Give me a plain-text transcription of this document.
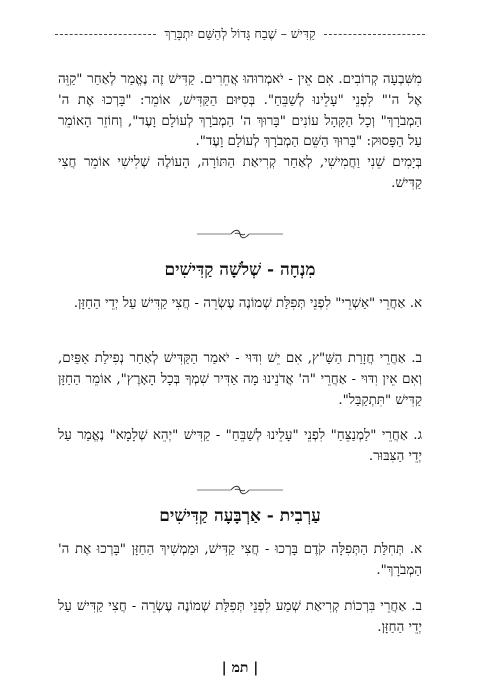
קַדִּישׁ – שֶׁבַח גָּדוֹל לְהַשֵּׁם יִתְבָּרַךְ
מִשִּׁבְעָה קְרוֹבִים. אִם אֵין - יֹאמְרוּהוּ אֲחֵרִים. קַדִּישׁ זֶה נֶאֱמַר לְאַחַר "קַוֵּה אֶל ה'" לִפְנֵי "עָלֵינוּ לְשַׁבֵּחַ". בְּסִיּוּם הַקַּדִּישׁ, אוֹמֵר: "בָּרְכוּ אֶת ה' הַמְבֹרָךְ" וְכָל הַקָּהָל עוֹנִים "בָּרוּךְ ה' הַמְבֹרָךְ לְעוֹלָם וָעֶד", וְחוֹזֵר הָאוֹמֵר עַל הַפָּסוּק: "בָּרוּךְ הַשֵּׁם הַמְבֹרָךְ לְעוֹלָם וָעֶד".
בְּיָמִים שֵׁנִי וַחֲמִישִׁי, לְאַחַר קְרִיאַת הַתּוֹרָה, הָעוֹלֶה שְׁלִישִׁי אוֹמֵר חֲצִי קַדִּישׁ.
מִנְחָה - שְׁלֹשָׁה קַדִּישִׁים
א. אַחֲרֵי "אַשְׁרֵי" לִפְנֵי תְּפִלַּת שְׁמוֹנֶה עֶשְׂרֵה - חֲצִי קַדִּישׁ עַל יְדֵי הַחַזָּן.
ב. אַחֲרֵי חֲזָרַת הַשַּׁ"ץ, אִם יֵשׁ וִדּוּי - יֹאמַר הַקַּדִּישׁ לְאַחַר נְפִילַת אַפַּיִם, וְאִם אֵין וִדּוּי - אַחֲרֵי "ה' אֲדֹנֵינוּ מָה אַדִּיר שִׁמְךָ בְּכָל הָאָרֶץ", אוֹמֵר הַחַזָּן קַדִּישׁ "תִּתְקַבַּל".
ג. אַחֲרֵי "לַמְנַצֵּחַ" לִפְנֵי "עָלֵינוּ לְשַׁבֵּחַ" - קַדִּישׁ "יְהֵא שְׁלָמָא" נֶאֱמַר עַל יְדֵי הַצִּבּוּר.
עַרְבִית - אַרְבָּעָה קַדִּישִׁים
א. תְּחִלַּת הַתְּפִלָּה קֹדֶם בָּרְכוּ - חֲצִי קַדִּישׁ, וּמַמְשִׁיךְ הַחַזָּן "בָּרְכוּ אֶת ה' הַמְבֹרָךְ".
ב. אַחֲרֵי בִּרְכוֹת קְרִיאַת שְׁמַע לִפְנֵי תְּפִלַּת שְׁמוֹנֶה עֶשְׂרֵה - חֲצִי קַדִּישׁ עַל יְדֵי הַחַזָּן.
| תמ |
